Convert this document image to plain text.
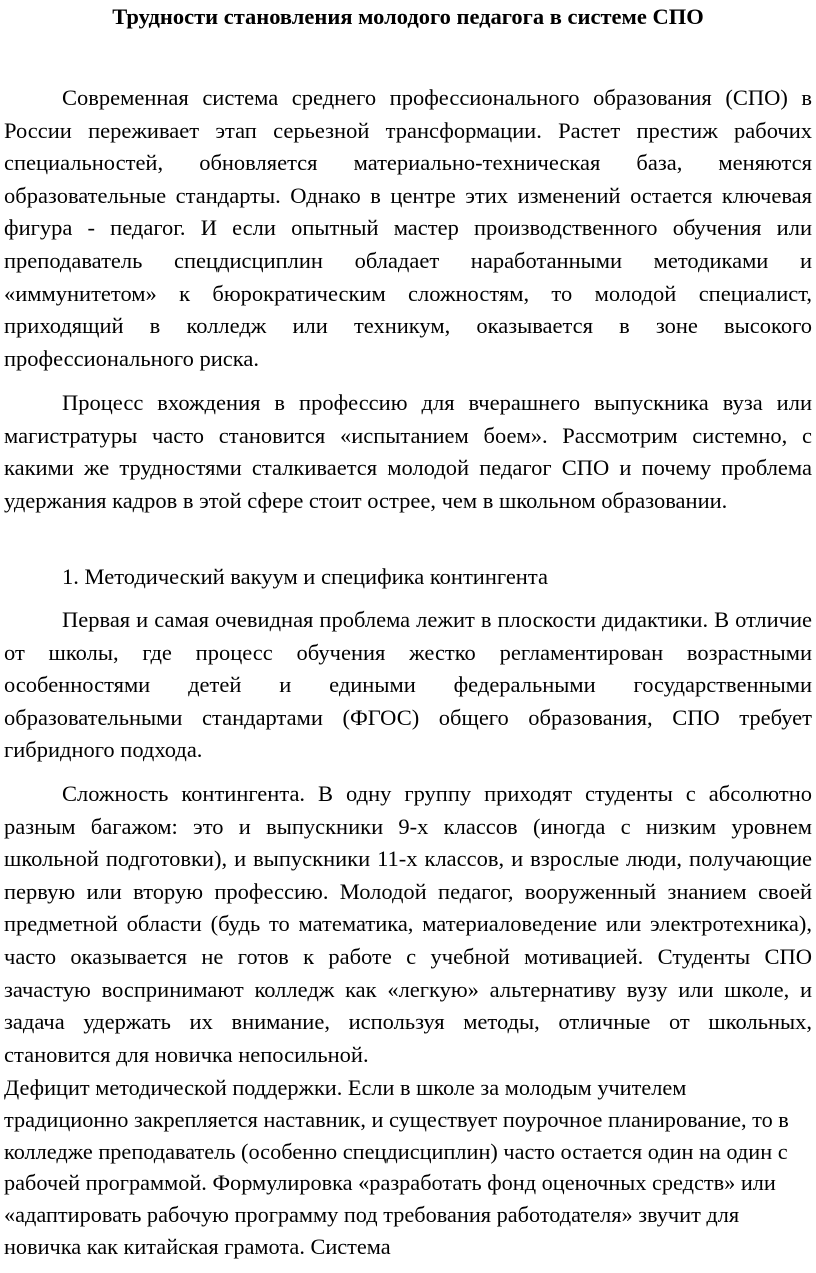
Трудности становления молодого педагога в системе СПО

Современная система среднего профессионального образования (СПО) в России переживает этап серьезной трансформации. Растет престиж рабочих специальностей, обновляется материально-техническая база, меняются образовательные стандарты. Однако в центре этих изменений остается ключевая фигура - педагог. И если опытный мастер производственного обучения или преподаватель спецдисциплин обладает наработанными методиками и «иммунитетом» к бюрократическим сложностям, то молодой специалист, приходящий в колледж или техникум, оказывается в зоне высокого профессионального риска.

Процесс вхождения в профессию для вчерашнего выпускника вуза или магистратуры часто становится «испытанием боем». Рассмотрим системно, с какими же трудностями сталкивается молодой педагог СПО и почему проблема удержания кадров в этой сфере стоит острее, чем в школьном образовании.

1. Методический вакуум и специфика контингента

Первая и самая очевидная проблема лежит в плоскости дидактики. В отличие от школы, где процесс обучения жестко регламентирован возрастными особенностями детей и едиными федеральными государственными образовательными стандартами (ФГОС) общего образования, СПО требует гибридного подхода.

Сложность контингента. В одну группу приходят студенты с абсолютно разным багажом: это и выпускники 9-х классов (иногда с низким уровнем школьной подготовки), и выпускники 11-х классов, и взрослые люди, получающие первую или вторую профессию. Молодой педагог, вооруженный знанием своей предметной области (будь то математика, материаловедение или электротехника), часто оказывается не готов к работе с учебной мотивацией. Студенты СПО зачастую воспринимают колледж как «легкую» альтернативу вузу или школе, и задача удержать их внимание, используя методы, отличные от школьных, становится для новичка непосильной.

Дефицит методической поддержки. Если в школе за молодым учителем традиционно закрепляется наставник, и существует поурочное планирование, то в колледже преподаватель (особенно спецдисциплин) часто остается один на один с рабочей программой. Формулировка «разработать фонд оценочных средств» или «адаптировать рабочую программу под требования работодателя» звучит для новичка как китайская грамота. Система
